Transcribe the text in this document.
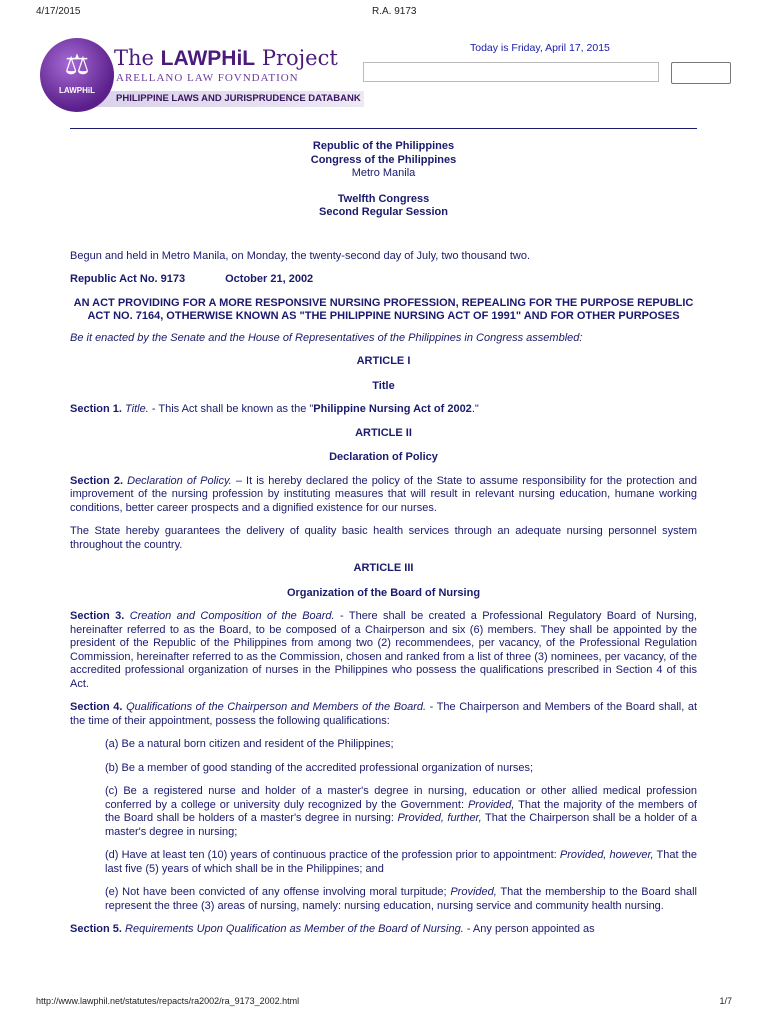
4/17/2015	R.A. 9173
PHILIPPINE LAWS AND JURISPRUDENCE DATABANK
⚖
LAWPHiL
The LAWPHiL Project
ARELLANO LAW FOVNDATION
Today is Friday, April 17, 2015
Republic of the Philippines
Congress of the Philippines
Metro Manila
Twelfth Congress
Second Regular Session

Begun and held in Metro Manila, on Monday, the twenty-second day of July, two thousand two.

Republic Act No. 9173	October 21, 2002

AN ACT PROVIDING FOR A MORE RESPONSIVE NURSING PROFESSION, REPEALING FOR THE PURPOSE REPUBLIC ACT NO. 7164, OTHERWISE KNOWN AS "THE PHILIPPINE NURSING ACT OF 1991" AND FOR OTHER PURPOSES

Be it enacted by the Senate and the House of Representatives of the Philippines in Congress assembled:

ARTICLE I
Title

Section 1. Title. - This Act shall be known as the "Philippine Nursing Act of 2002."

ARTICLE II
Declaration of Policy

Section 2. Declaration of Policy. – It is hereby declared the policy of the State to assume responsibility for the protection and improvement of the nursing profession by instituting measures that will result in relevant nursing education, humane working conditions, better career prospects and a dignified existence for our nurses.

The State hereby guarantees the delivery of quality basic health services through an adequate nursing personnel system throughout the country.

ARTICLE III
Organization of the Board of Nursing

Section 3. Creation and Composition of the Board. - There shall be created a Professional Regulatory Board of Nursing, hereinafter referred to as the Board, to be composed of a Chairperson and six (6) members. They shall be appointed by the president of the Republic of the Philippines from among two (2) recommendees, per vacancy, of the Professional Regulation Commission, hereinafter referred to as the Commission, chosen and ranked from a list of three (3) nominees, per vacancy, of the accredited professional organization of nurses in the Philippines who possess the qualifications prescribed in Section 4 of this Act.

Section 4. Qualifications of the Chairperson and Members of the Board. - The Chairperson and Members of the Board shall, at the time of their appointment, possess the following qualifications:

(a) Be a natural born citizen and resident of the Philippines;

(b) Be a member of good standing of the accredited professional organization of nurses;

(c) Be a registered nurse and holder of a master's degree in nursing, education or other allied medical profession conferred by a college or university duly recognized by the Government: Provided, That the majority of the members of the Board shall be holders of a master's degree in nursing: Provided, further, That the Chairperson shall be a holder of a master's degree in nursing;

(d) Have at least ten (10) years of continuous practice of the profession prior to appointment: Provided, however, That the last five (5) years of which shall be in the Philippines; and

(e) Not have been convicted of any offense involving moral turpitude; Provided, That the membership to the Board shall represent the three (3) areas of nursing, namely: nursing education, nursing service and community health nursing.

Section 5. Requirements Upon Qualification as Member of the Board of Nursing. - Any person appointed as

http://www.lawphil.net/statutes/repacts/ra2002/ra_9173_2002.html	1/7
